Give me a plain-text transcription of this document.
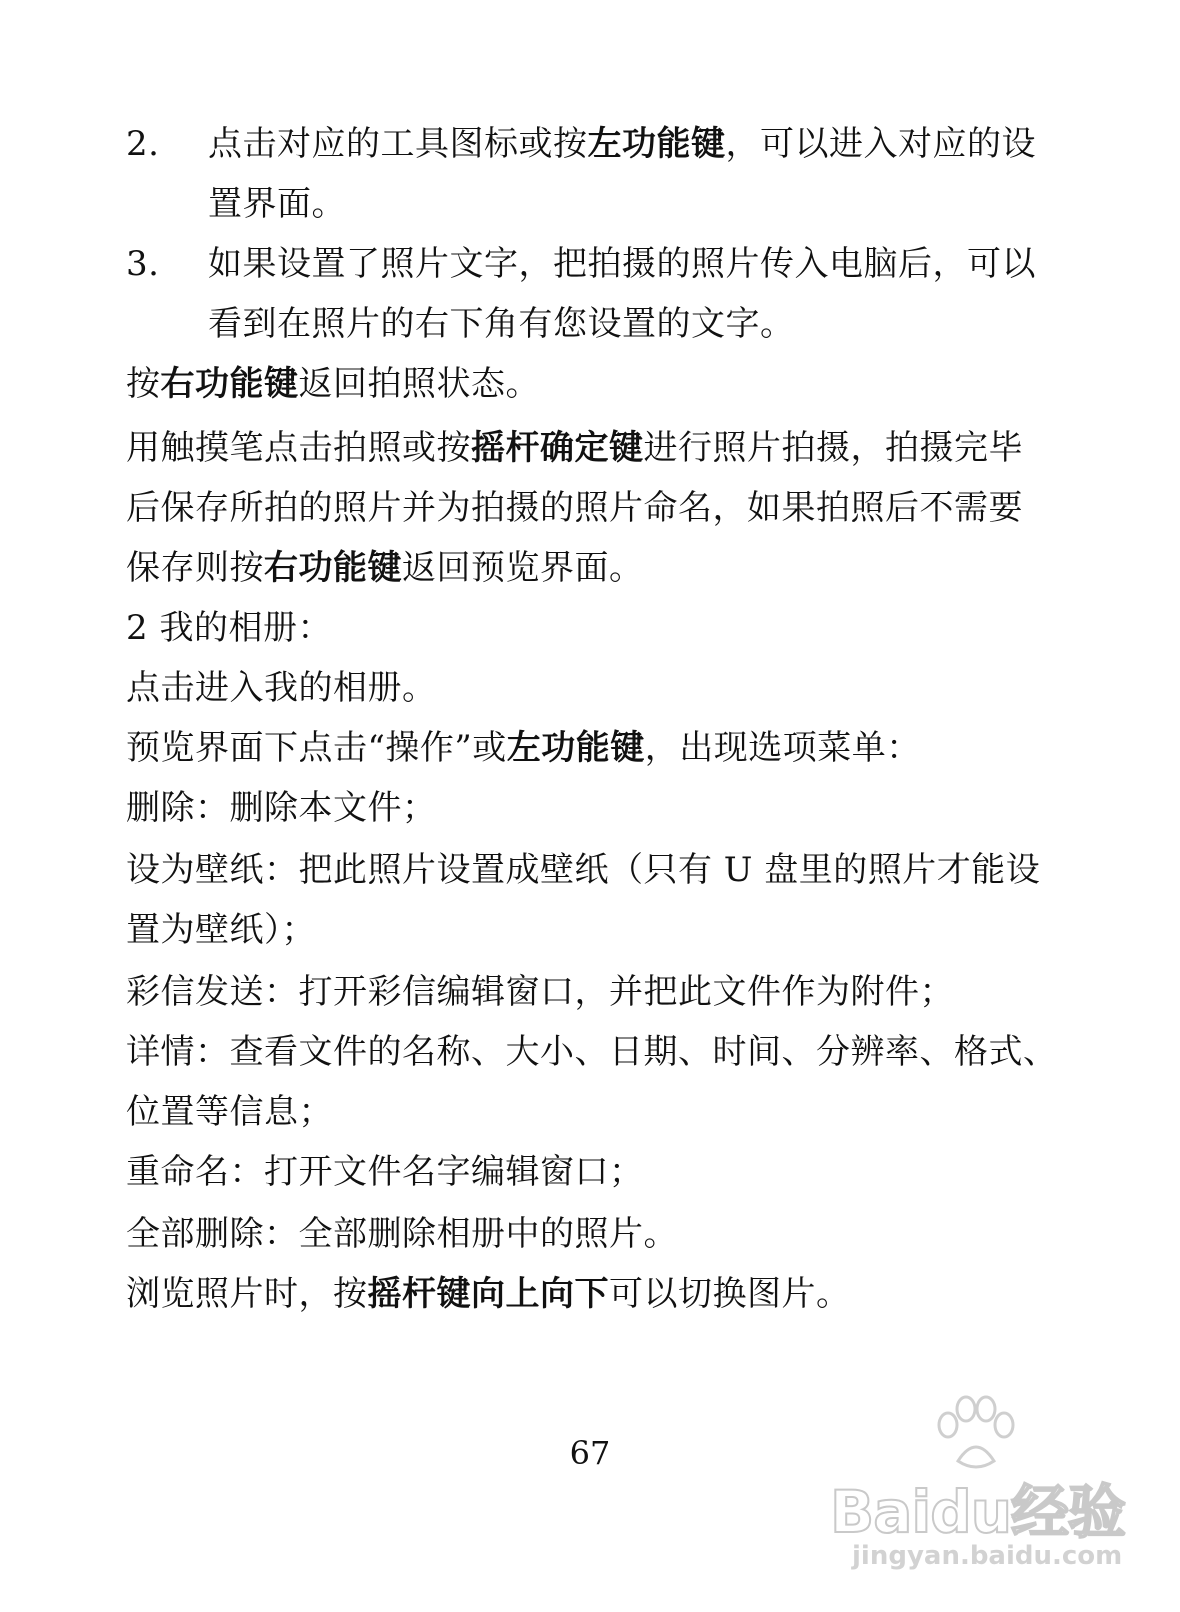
2. 点击对应的工具图标或按左功能键，可以进入对应的设
置界面。
3. 如果设置了照片文字，把拍摄的照片传入电脑后，可以
看到在照片的右下角有您设置的文字。
按右功能键返回拍照状态。
用触摸笔点击拍照或按摇杆确定键进行照片拍摄，拍摄完毕
后保存所拍的照片并为拍摄的照片命名，如果拍照后不需要
保存则按右功能键返回预览界面。
2 我的相册：
点击进入我的相册。
预览界面下点击“操作”或左功能键，出现选项菜单：
删除：删除本文件；
设为壁纸：把此照片设置成壁纸（只有 U 盘里的照片才能设
置为壁纸）；
彩信发送：打开彩信编辑窗口，并把此文件作为附件；
详情：查看文件的名称、大小、日期、时间、分辨率、格式、
位置等信息；
重命名：打开文件名字编辑窗口；
全部删除：全部删除相册中的照片。
浏览照片时，按摇杆键向上向下可以切换图片。
67
Baidu经验
jingyan.baidu.com
